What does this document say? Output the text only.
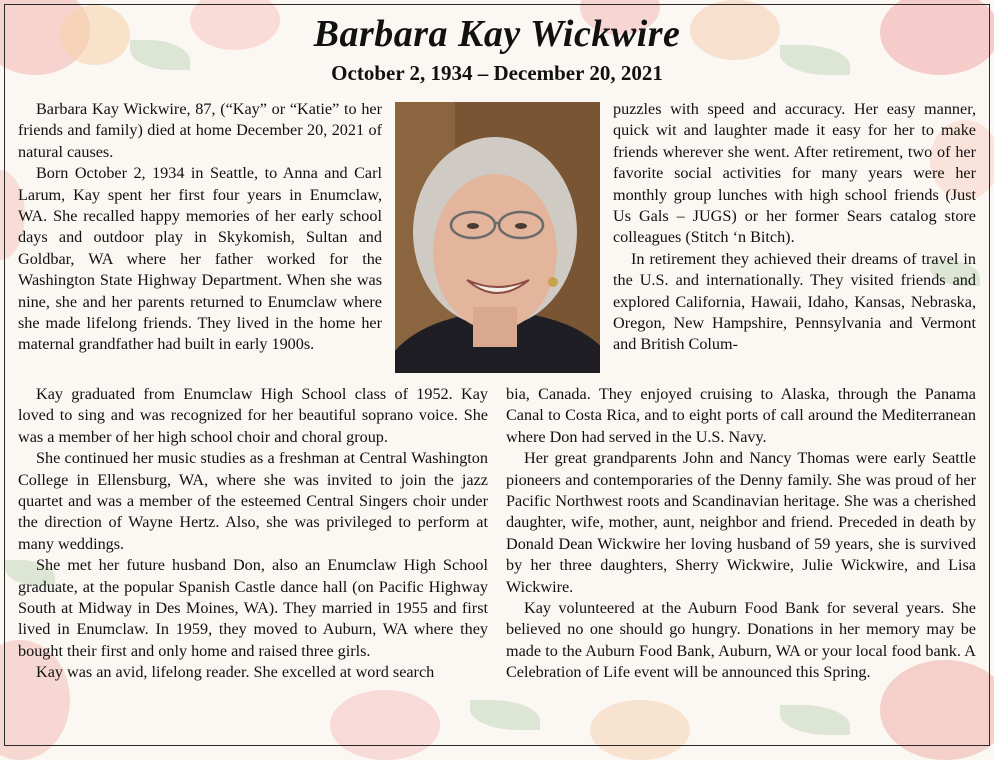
Barbara Kay Wickwire
October 2, 1934 – December 20, 2021

Barbara Kay Wickwire, 87, (“Kay” or “Katie” to her friends and family) died at home December 20, 2021 of natural causes.

Born October 2, 1934 in Seattle, to Anna and Carl Larum, Kay spent her first four years in Enumclaw, WA. She recalled happy memories of her early school days and outdoor play in Skykomish, Sultan and Goldbar, WA where her father worked for the Washington State Highway Department. When she was nine, she and her parents returned to Enumclaw where she made lifelong friends. They lived in the home her maternal grandfather had built in early 1900s.

Kay graduated from Enumclaw High School class of 1952. Kay loved to sing and was recognized for her beautiful soprano voice. She was a member of her high school choir and choral group.

She continued her music studies as a freshman at Central Washington College in Ellensburg, WA, where she was invited to join the jazz quartet and was a member of the esteemed Central Singers choir under the direction of Wayne Hertz. Also, she was privileged to perform at many weddings.

She met her future husband Don, also an Enumclaw High School graduate, at the popular Spanish Castle dance hall (on Pacific Highway South at Midway in Des Moines, WA). They married in 1955 and first lived in Enumclaw. In 1959, they moved to Auburn, WA where they bought their first and only home and raised three girls.

Kay was an avid, lifelong reader. She excelled at word search

puzzles with speed and accuracy. Her easy manner, quick wit and laughter made it easy for her to make friends wherever she went. After retirement, two of her favorite social activities for many years were her monthly group lunches with high school friends (Just Us Gals – JUGS) or her former Sears catalog store colleagues (Stitch ‘n Bitch).

In retirement they achieved their dreams of travel in the U.S. and internationally. They visited friends and explored California, Hawaii, Idaho, Kansas, Nebraska, Oregon, New Hampshire, Pennsylvania and Vermont and British Colum-

bia, Canada. They enjoyed cruising to Alaska, through the Panama Canal to Costa Rica, and to eight ports of call around the Mediterranean where Don had served in the U.S. Navy.

Her great grandparents John and Nancy Thomas were early Seattle pioneers and contemporaries of the Denny family. She was proud of her Pacific Northwest roots and Scandinavian heritage. She was a cherished daughter, wife, mother, aunt, neighbor and friend. Preceded in death by Donald Dean Wickwire her loving husband of 59 years, she is survived by her three daughters, Sherry Wickwire, Julie Wickwire, and Lisa Wickwire.

Kay volunteered at the Auburn Food Bank for several years. She believed no one should go hungry. Donations in her memory may be made to the Auburn Food Bank, Auburn, WA or your local food bank. A Celebration of Life event will be announced this Spring.
